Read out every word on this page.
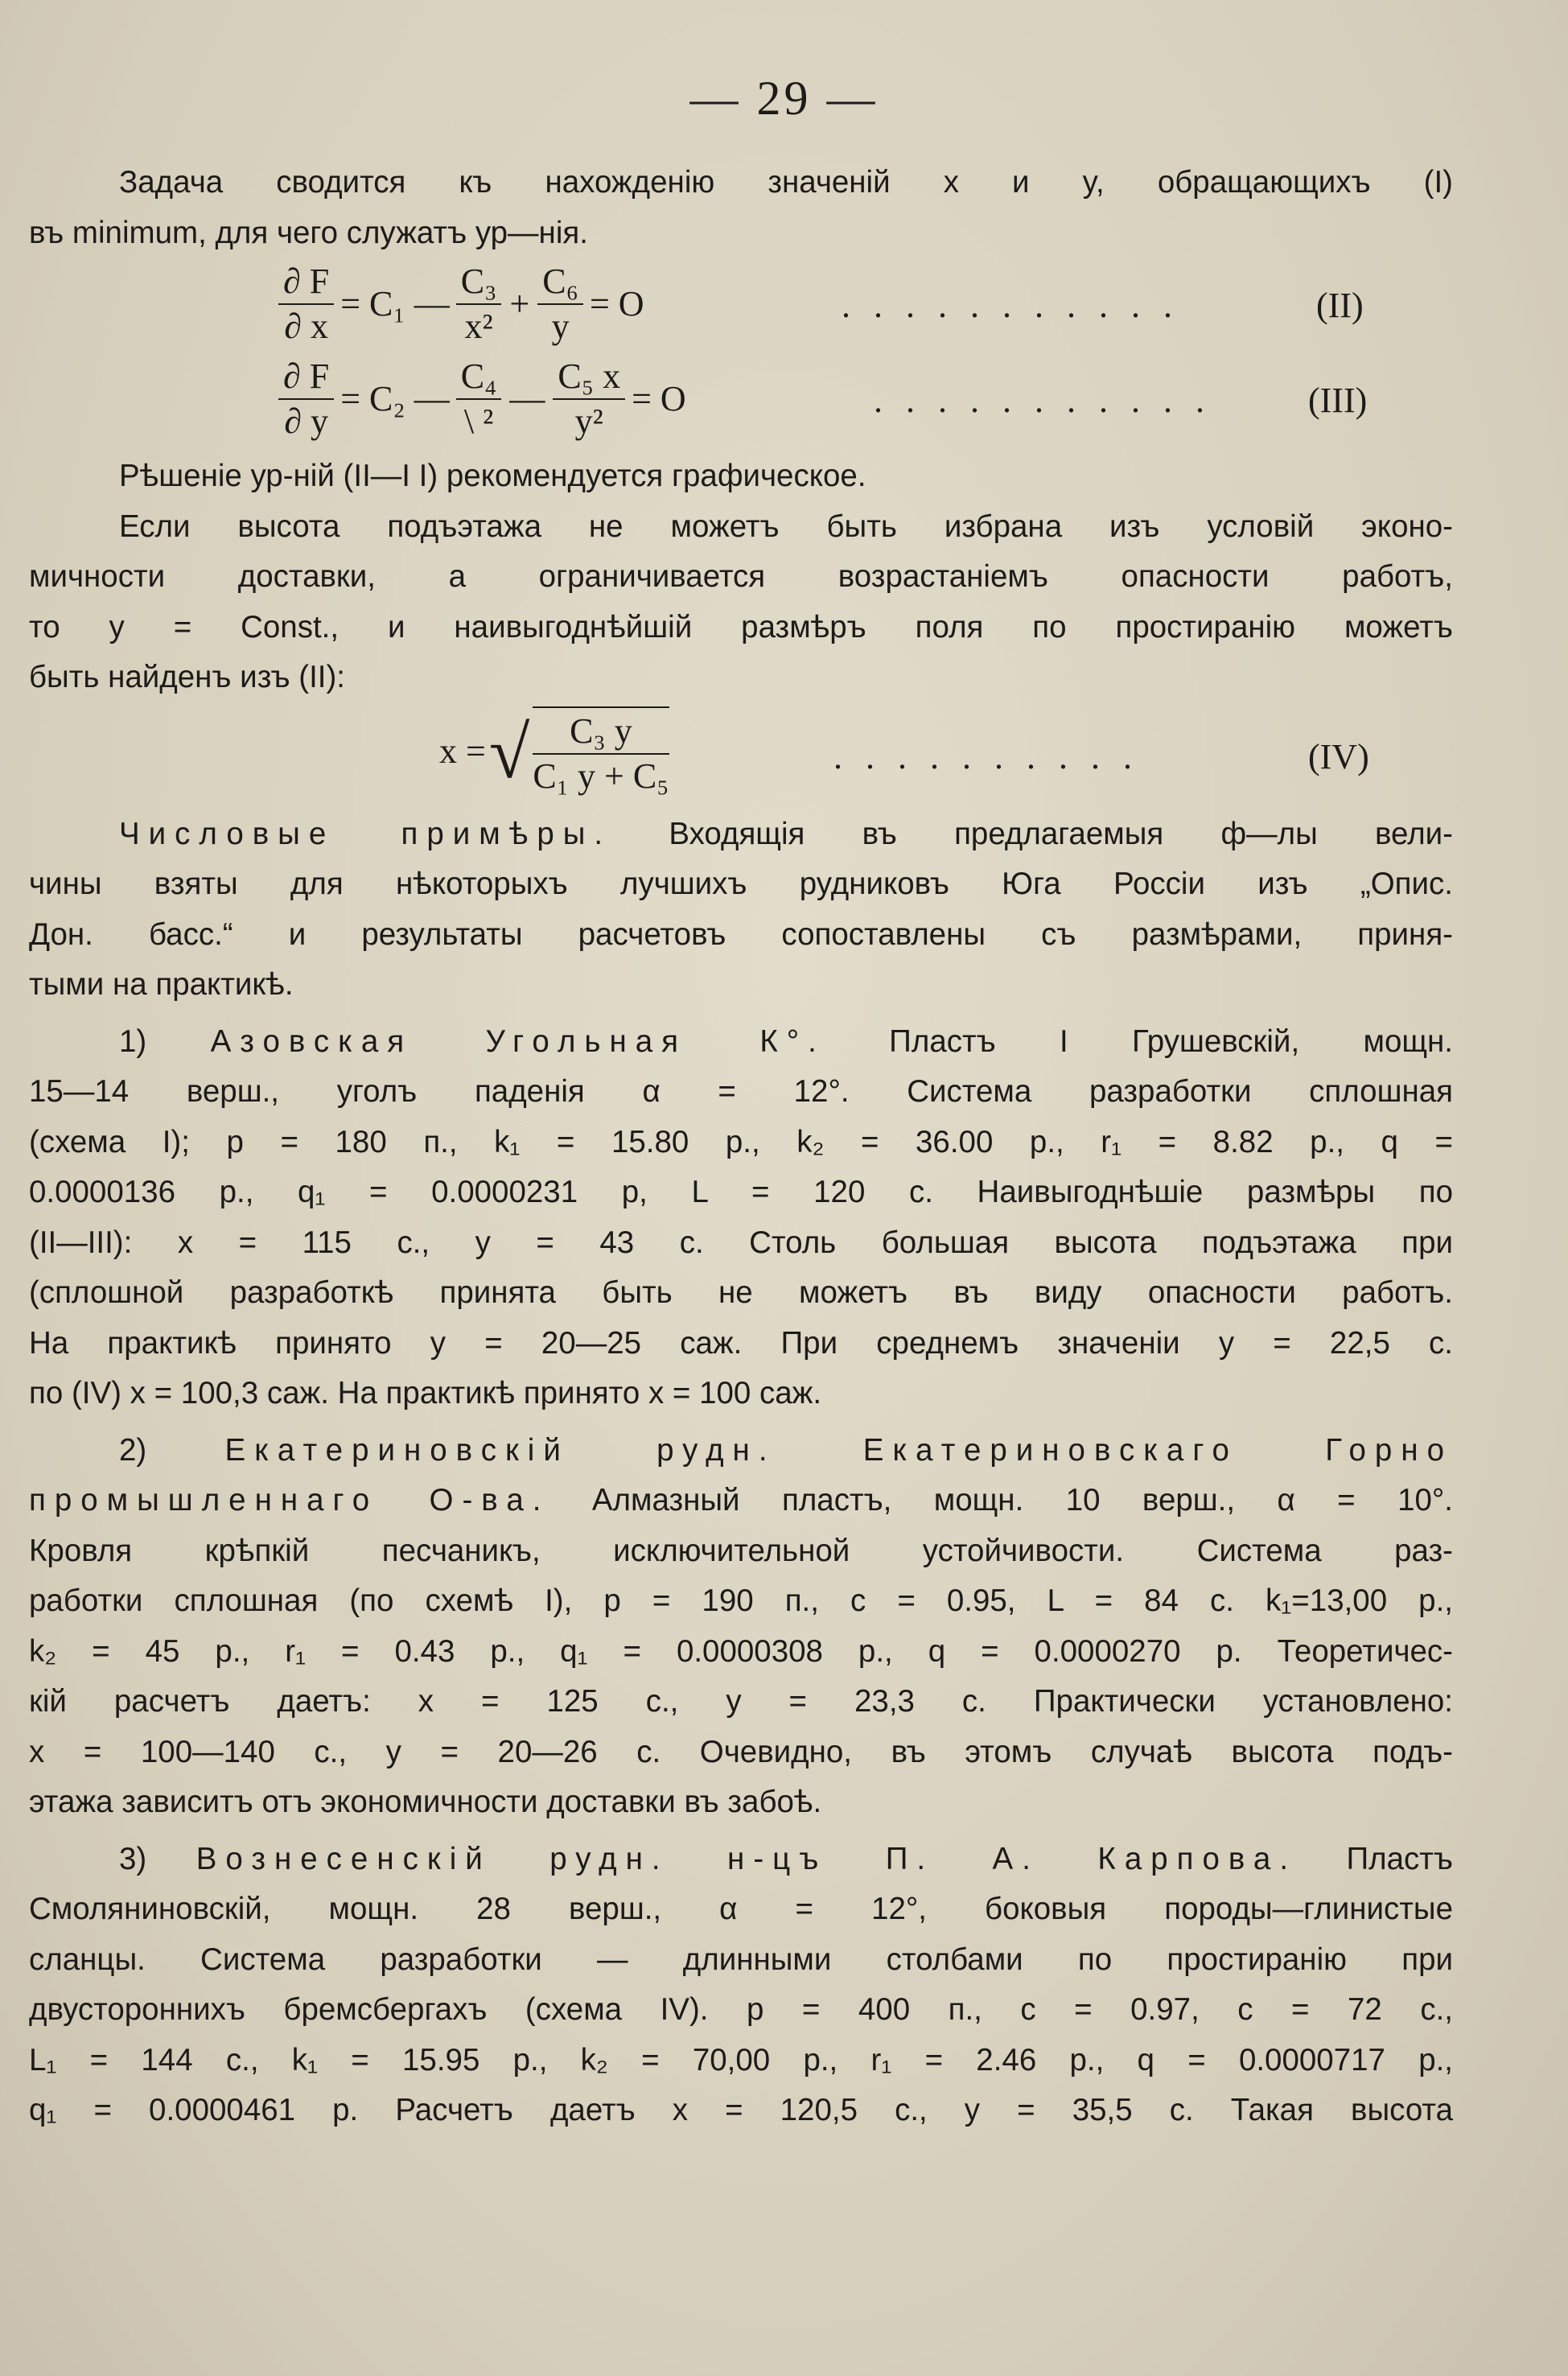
— 29 —
Задача сводится къ нахожденію значеній x и y, обращающихъ (I)
въ minimum, для чего служатъ ур—нія.
$\frac{\partial F}{\partial x} = C_1$ — $\frac{\text{C₃}}{\text{x²}} + \frac{\text{C₆}}{y} = O$	. . . . . . . . . . .	(II)
$\frac{\partial F}{\partial y} = C_2$ — $\frac{\text{C₄}}{\text{\textbackslash{} ²}}$ — $\frac{\text{C₅ x}}{\text{y²}} = O$	. . . . . . . . . . .	(III)
Рѣшеніе ур-ній (II—I I) рекомендуется графическое.
Если высота подъэтажа не можетъ быть избрана изъ условій эконо-
мичности доставки, а ограничивается возрастаніемъ опасности работъ,
то y = Const., и наивыгоднѣйшій размѣръ поля по простиранію можетъ
быть найденъ изъ (II):
x = √ $\frac{\text{C₃ y}}{\text{C₁ y + C₅}}$	. . . . . . . . . .	(IV)
Числовые примѣры. Входящія въ предлагаемыя ф—лы вели-
чины взяты для нѣкоторыхъ лучшихъ рудниковъ Юга Россіи изъ „Опис.
Дон. басс.“ и результаты расчетовъ сопоставлены съ размѣрами, приня-
тыми на практикѣ.
1) Азовская Угольная К°. Пластъ I Грушевскій, мощн.
15—14 верш., уголъ паденія α = 12°. Система разработки сплошная
(схема I); p = 180 п., k₁ = 15.80 р., k₂ = 36.00 р., r₁ = 8.82 р., q =
0.0000136 р., q₁ = 0.0000231 р, L = 120 с. Наивыгоднѣшіе размѣры по
(II—III): x = 115 с., y = 43 с. Столь большая высота подъэтажа при
(сплошной разработкѣ принята быть не можетъ въ виду опасности работъ.
На практикѣ принято y = 20—25 саж. При среднемъ значеніи y = 22,5 с.
по (IV) x = 100,3 саж. На практикѣ принято x = 100 саж.
2)	Екатериновскій рудн. Екатериновскаго Горно
промышленнаго О-ва. Алмазный пластъ, мощн. 10 верш., α = 10°.
Кровля крѣпкій песчаникъ, исключительной устойчивости. Система раз-
работки сплошная (по схемѣ I), p = 190 п., c = 0.95, L = 84 с. k₁=13,00 р.,
k₂ = 45 р., r₁ = 0.43 р., q₁ = 0.0000308 р., q = 0.0000270 р. Теоретичес-
кій расчетъ даетъ: x = 125 с., y = 23,3 с. Практически установлено:
x = 100—140 с., y = 20—26 с. Очевидно, въ этомъ случаѣ высота подъ-
этажа зависитъ отъ экономичности доставки въ забоѣ.
3) Вознесенскій рудн. н-цъ П. А. Карпова. Пластъ
Смоляниновскій, мощн. 28 верш., α = 12°, боковыя породы—глинистые
сланцы. Система разработки — длинными столбами по простиранію при
двустороннихъ бремсбергахъ (схема IV). p = 400 п., c = 0.97, c = 72 с.,
L₁ = 144 с., k₁ = 15.95 р., k₂ = 70,00 р., r₁ = 2.46 р., q = 0.0000717 р.,
q₁ = 0.0000461 р. Расчетъ даетъ x = 120,5 с., y = 35,5 с. Такая высота
